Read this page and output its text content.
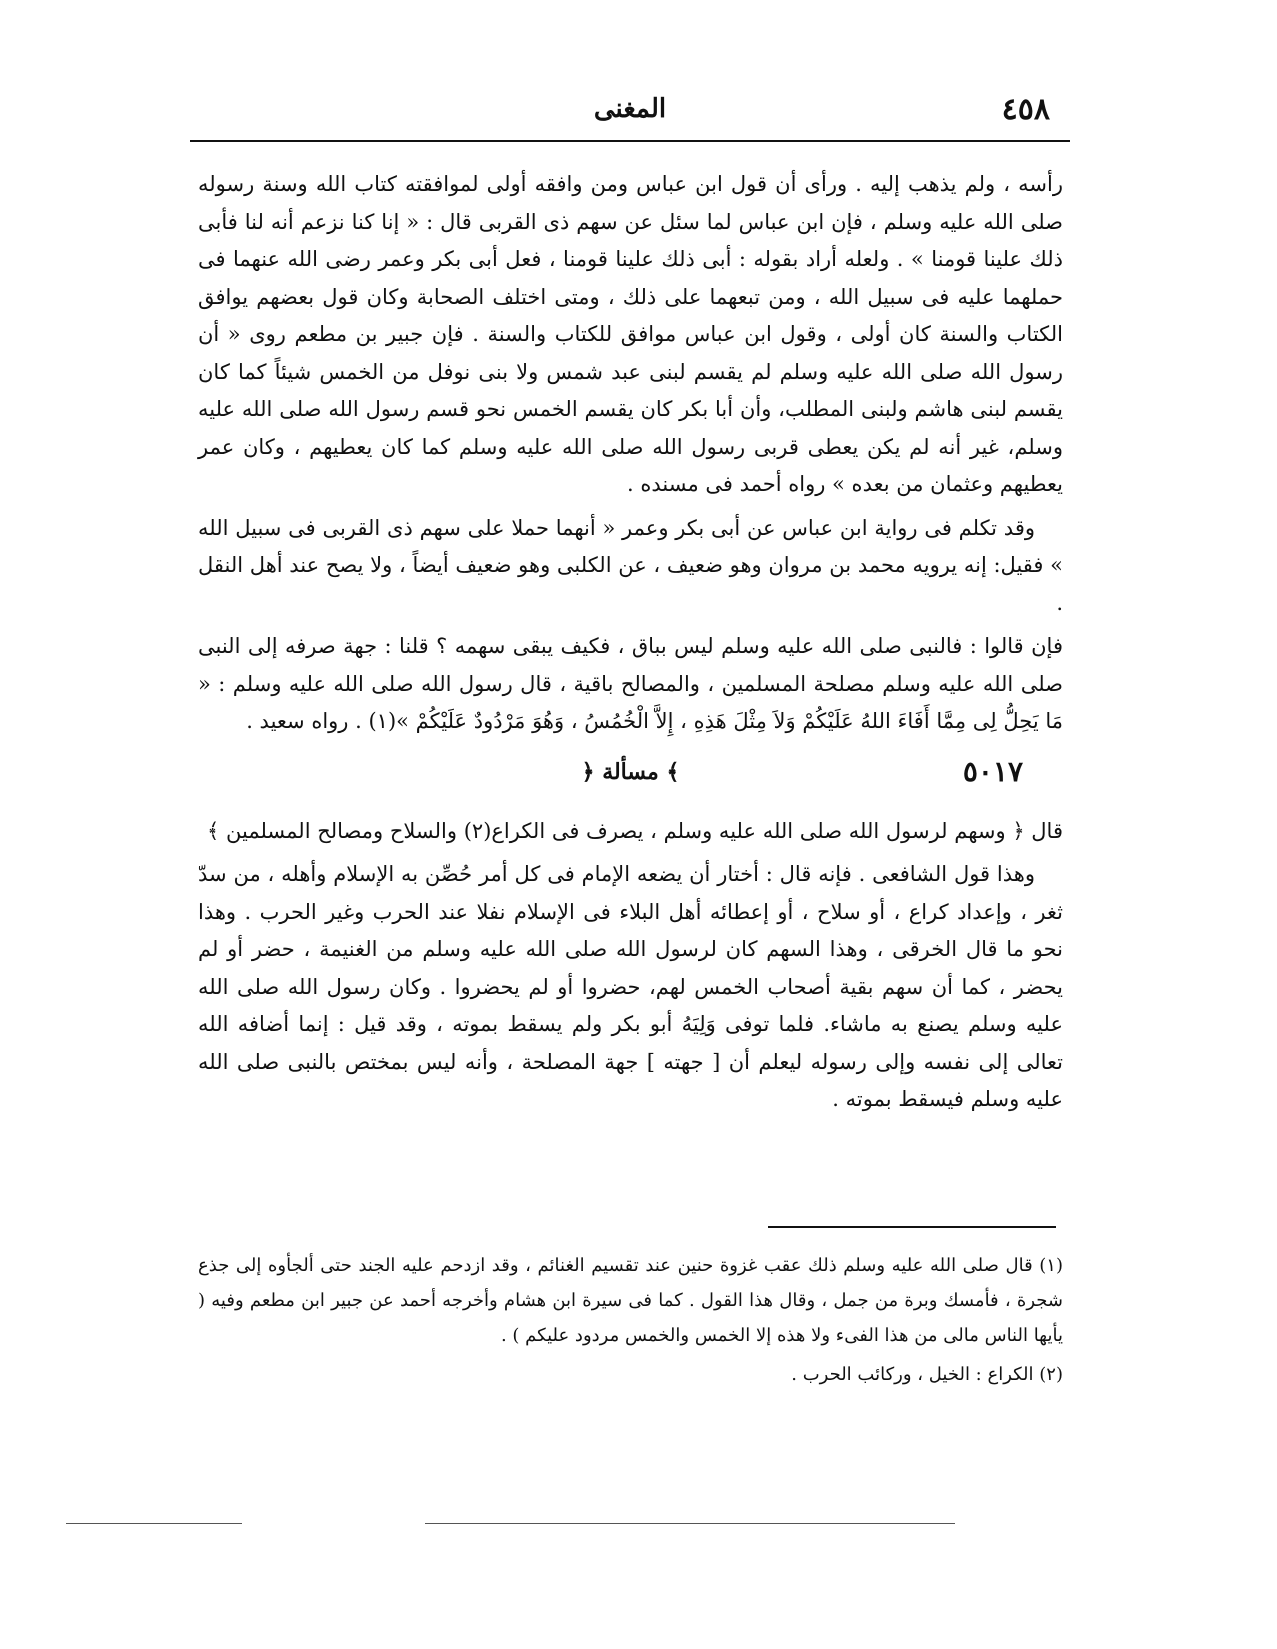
٤٥٨
المغنى

رأسه ، ولم يذهب إليه . ورأى أن قول ابن عباس ومن وافقه أولى لموافقته كتاب الله وسنة رسوله صلى الله عليه وسلم ، فإن ابن عباس لما سئل عن سهم ذى القربى قال : « إنا كنا نزعم أنه لنا فأبى ذلك علينا قومنا » . ولعله أراد بقوله : أبى ذلك علينا قومنا ، فعل أبى بكر وعمر رضى الله عنهما فى حملهما عليه فى سبيل الله ، ومن تبعهما على ذلك ، ومتى اختلف الصحابة وكان قول بعضهم يوافق الكتاب والسنة كان أولى ، وقول ابن عباس موافق للكتاب والسنة . فإن جبير بن مطعم روى « أن رسول الله صلى الله عليه وسلم لم يقسم لبنى عبد شمس ولا بنى نوفل من الخمس شيئاً كما كان يقسم لبنى هاشم ولبنى المطلب، وأن أبا بكر كان يقسم الخمس نحو قسم رسول الله صلى الله عليه وسلم، غير أنه لم يكن يعطى قربى رسول الله صلى الله عليه وسلم كما كان يعطيهم ، وكان عمر يعطيهم وعثمان من بعده » رواه أحمد فى مسنده .

وقد تكلم فى رواية ابن عباس عن أبى بكر وعمر « أنهما حملا على سهم ذى القربى فى سبيل الله » فقيل: إنه يرويه محمد بن مروان وهو ضعيف ، عن الكلبى وهو ضعيف أيضاً ، ولا يصح عند أهل النقل .

فإن قالوا : فالنبى صلى الله عليه وسلم ليس بباق ، فكيف يبقى سهمه ؟ قلنا : جهة صرفه إلى النبى صلى الله عليه وسلم مصلحة المسلمين ، والمصالح باقية ، قال رسول الله صلى الله عليه وسلم : « مَا يَحِلُّ لِى مِمَّا أَفَاءَ اللهُ عَلَيْكُمْ وَلاَ مِثْلَ هَذِهِ ، إِلاَّ الْخُمُسُ ، وَهُوَ مَرْدُودٌ عَلَيْكُمْ »(١) . رواه سعيد .

٥٠١٧
﴿ مسألة ﴾

قال ﴿ وسهم لرسول الله صلى الله عليه وسلم ، يصرف فى الكراع(٢) والسلاح ومصالح المسلمين ﴾

وهذا قول الشافعى . فإنه قال : أختار أن يضعه الإمام فى كل أمر حُصِّن به الإسلام وأهله ، من سدّ ثغر ، وإعداد كراع ، أو سلاح ، أو إعطائه أهل البلاء فى الإسلام نفلا عند الحرب وغير الحرب . وهذا نحو ما قال الخرقى ، وهذا السهم كان لرسول الله صلى الله عليه وسلم من الغنيمة ، حضر أو لم يحضر ، كما أن سهم بقية أصحاب الخمس لهم، حضروا أو لم يحضروا . وكان رسول الله صلى الله عليه وسلم يصنع به ماشاء. فلما توفى وَلِيَهُ أبو بكر ولم يسقط بموته ، وقد قيل : إنما أضافه الله تعالى إلى نفسه وإلى رسوله ليعلم أن [ جهته ] جهة المصلحة ، وأنه ليس بمختص بالنبى صلى الله عليه وسلم فيسقط بموته .

(١) قال صلى الله عليه وسلم ذلك عقب غزوة حنين عند تقسيم الغنائم ، وقد ازدحم عليه الجند حتى ألجأوه إلى جذع شجرة ، فأمسك وبرة من جمل ، وقال هذا القول . كما فى سيرة ابن هشام وأخرجه أحمد عن جبير ابن مطعم وفيه ( يأيها الناس مالى من هذا الفىء ولا هذه إلا الخمس والخمس مردود عليكم ) .

(٢) الكراع : الخيل ، وركائب الحرب .
